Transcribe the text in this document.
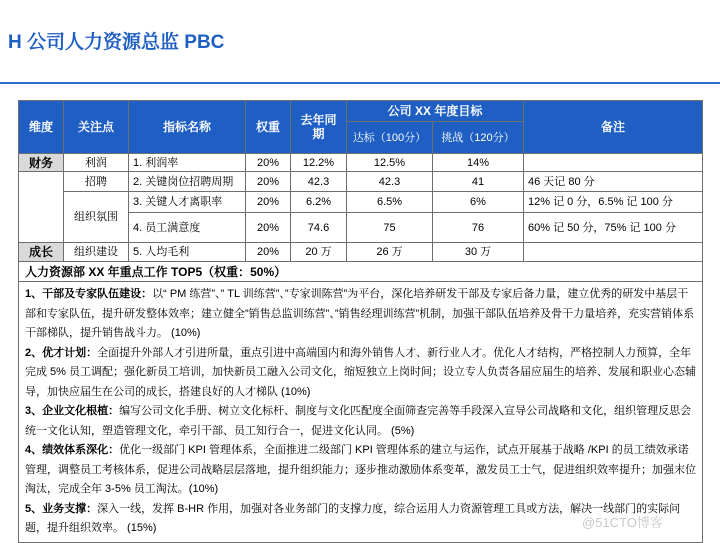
H 公司人力资源总监 PBC
维度	关注点	指标名称	权重	去年同期	公司 XX 年度目标		备注
					达标（100分）	挑战（120分）	
财务	利润	1. 利润率	20%	12.2%	12.5%	14%	
	招聘	2. 关键岗位招聘周期	20%	42.3	42.3	41	46 天记 80 分
	组织氛围	3. 关键人才离职率	20%	6.2%	6.5%	6%	12% 记 0 分，6.5% 记 100 分
		4. 员工满意度	20%	74.6	75	76	60% 记 50 分，75% 记 100 分
成长	组织建设	5. 人均毛利	20%	20 万	26 万	30 万	
人力资源部 XX 年重点工作 TOP5（权重：50%）							

1、干部及专家队伍建设：以“ PM 练营”、” TL 训练营”、”专家训陈营”为平台，深化培养研发干部及专家后备力量，建立优秀的研发中基层干部和专家队伍，提升研发整体效率；建立健全”销售总监训练营”、”销售经理训练营”机制，加强干部队伍培养及骨干力量培养，充实营销体系干部梯队，提升销售战斗力。 (10%)

2、优才计划：全面提升外部人才引进所量，重点引进中高端国内和海外销售人才、新行业人才。优化人才结构，严格控制人力预算，全年完成 5% 员工调配；强化新员工培训，加快新员工融入公司文化，缩短独立上岗时间；设立专人负责各届应届生的培养、发展和职业心态辅导，加快应届生在公司的成长，搭建良好的人才梯队 (10%)

3、企业文化根植：编写公司文化手册、树立文化标杆、制度与文化匹配度全面筛查完善等手段深入宣导公司战略和文化，组织管理反思会统一文化认知，塑造管理文化，牵引干部、员工知行合一，促进文化认同。 (5%)

4、绩效体系深化：优化一级部门 KPI 管理体系，全面推进二级部门 KPI 管理体系的建立与运作，试点开展基于战略 /KPI 的员工绩效承诺管理，调整员工考核体系，促进公司战略层层落地，提升组织能力；逐步推动激励体系变革，激发员工士气，促进组织效率提升；加强末位淘汰，完成全年 3-5% 员工淘汰。(10%)

5、业务支撑：深入一线，发挥 B-HR 作用，加强对各业务部门的支撑力度，综合运用人力资源管理工具或方法，解决一线部门的实际问题，提升组织效率。 (15%)								@51CTO博客
